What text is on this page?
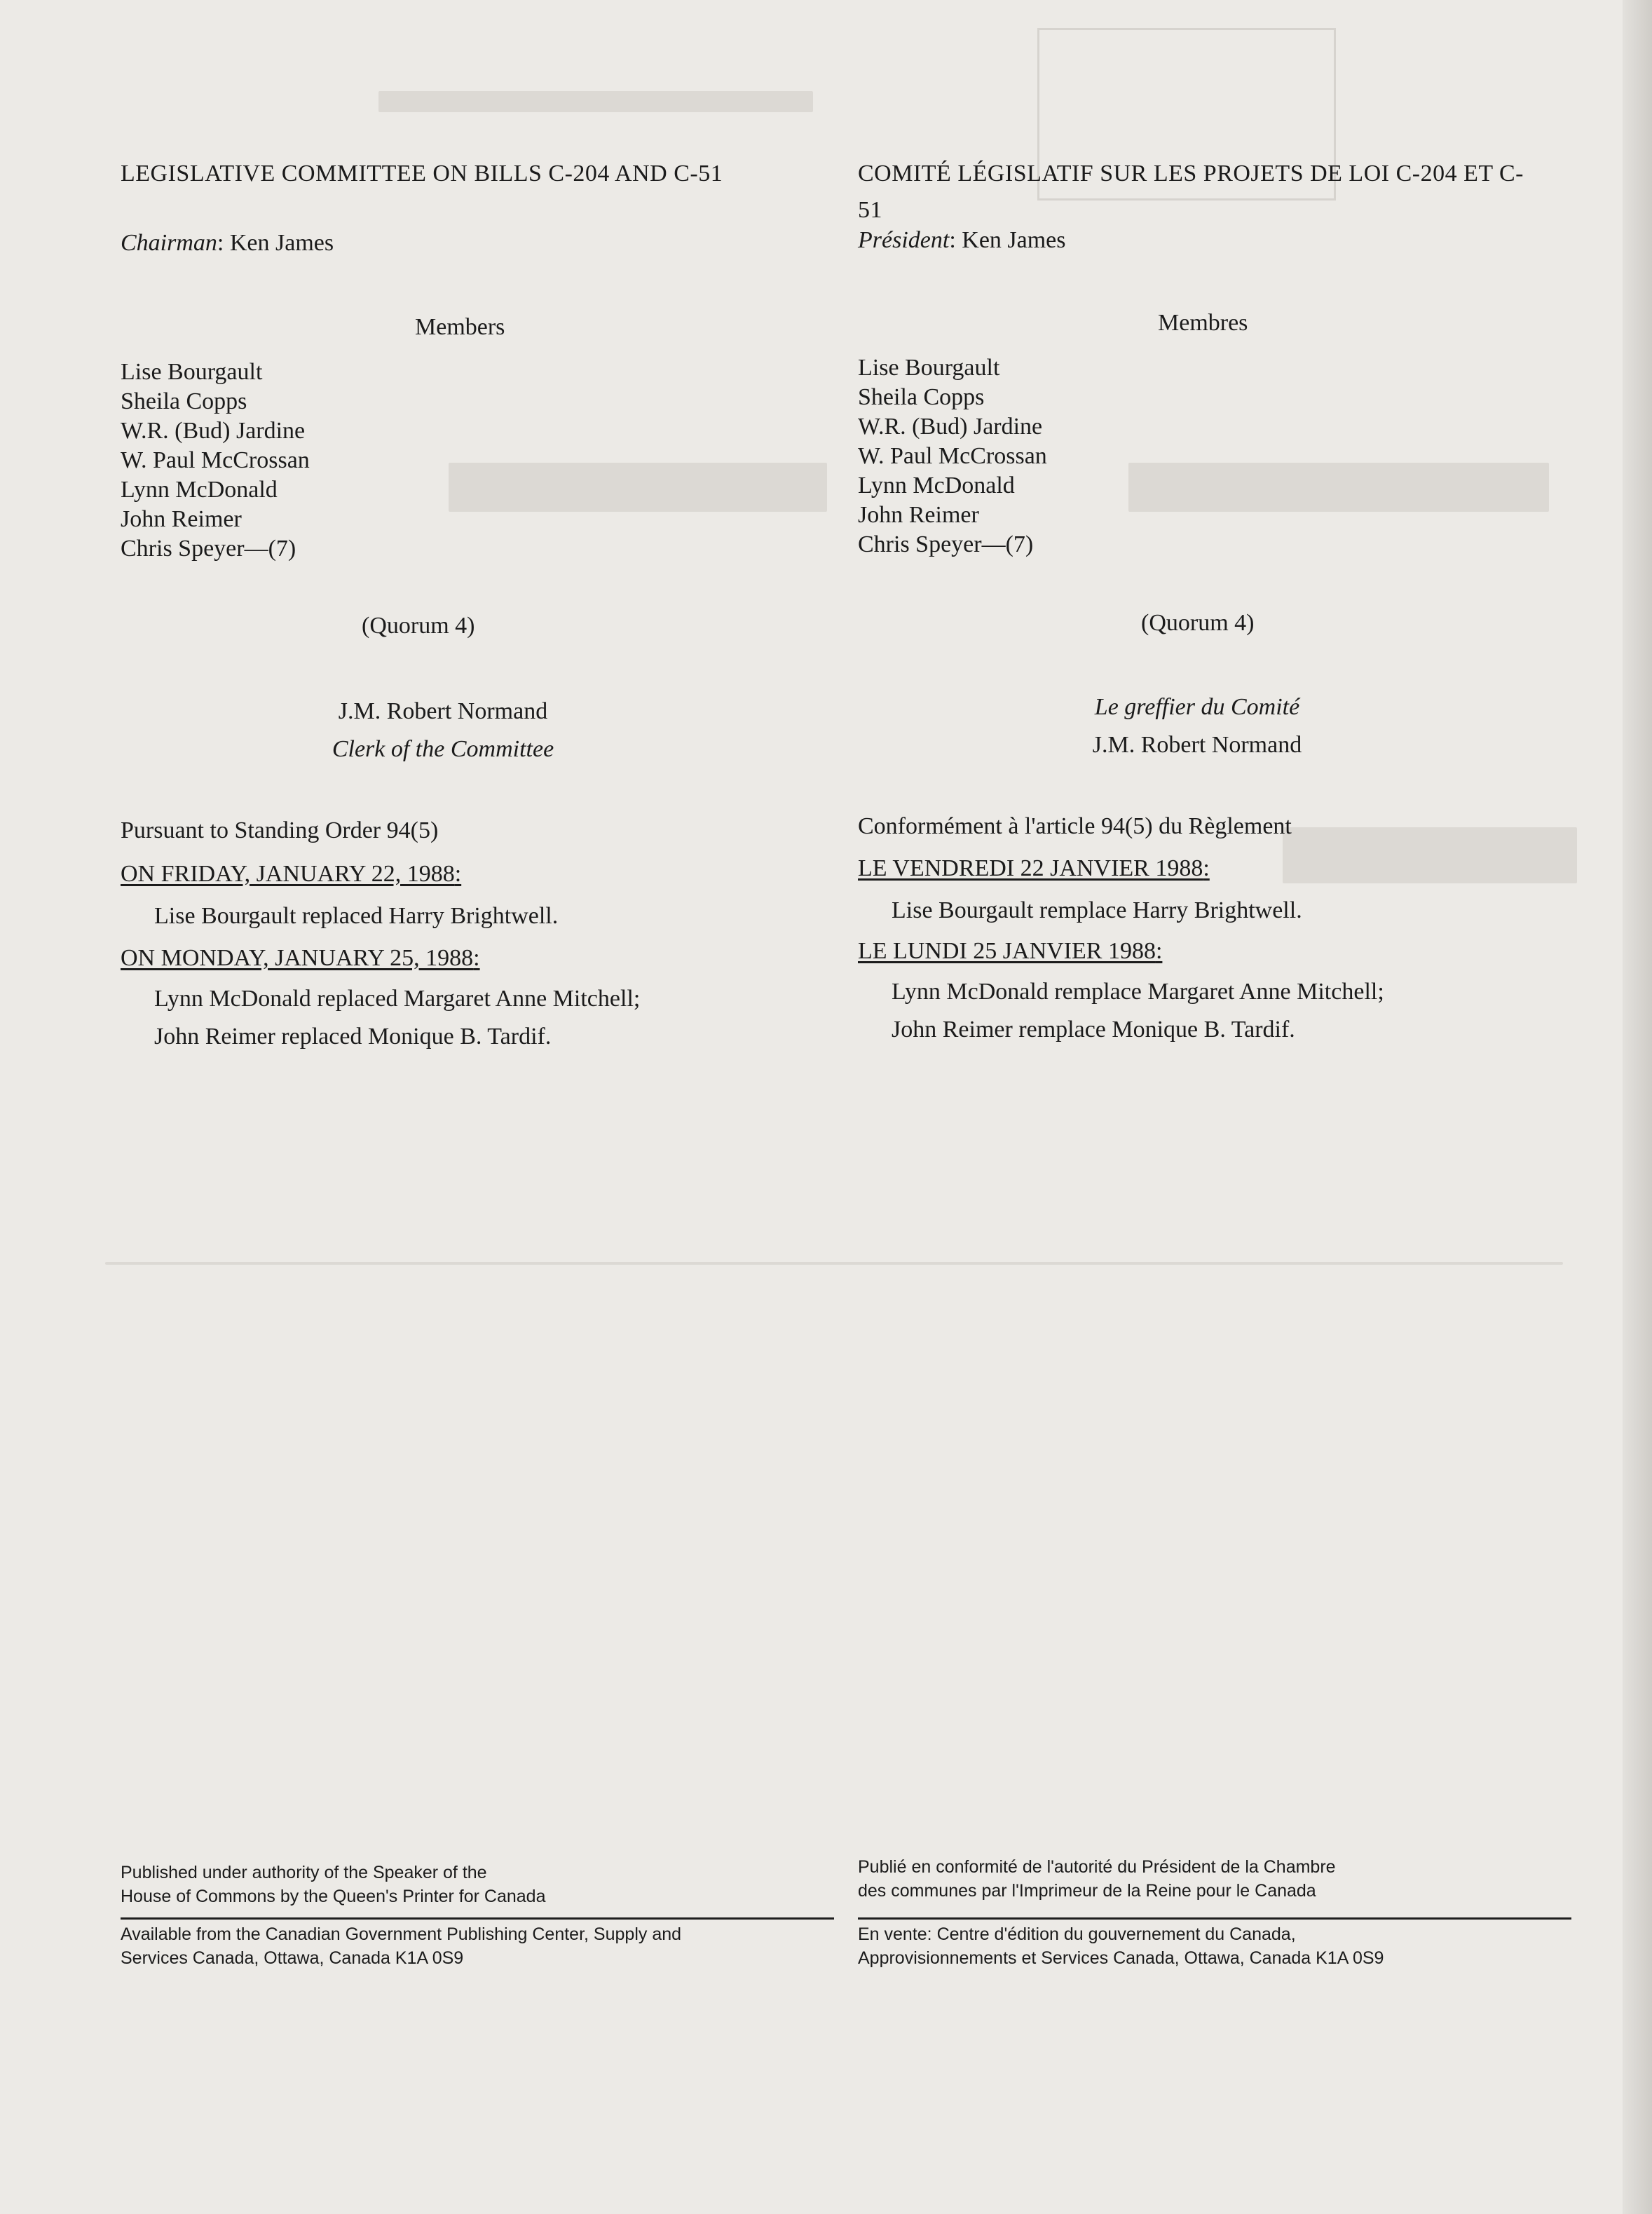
LEGISLATIVE COMMITTEE ON BILLS C-204 AND C-51
Chairman: Ken James
Members
Lise Bourgault
Sheila Copps
W.R. (Bud) Jardine
W. Paul McCrossan
Lynn McDonald
John Reimer
Chris Speyer—(7)
(Quorum 4)
J.M. Robert Normand
Clerk of the Committee
Pursuant to Standing Order 94(5)
ON FRIDAY, JANUARY 22, 1988:
Lise Bourgault replaced Harry Brightwell.
ON MONDAY, JANUARY 25, 1988:
Lynn McDonald replaced Margaret Anne Mitchell;
John Reimer replaced Monique B. Tardif.
Published under authority of the Speaker of the
House of Commons by the Queen's Printer for Canada
Available from the Canadian Government Publishing Center, Supply and
Services Canada, Ottawa, Canada K1A 0S9
COMITÉ LÉGISLATIF SUR LES PROJETS DE LOI C-204 ET C-51
Président: Ken James
Membres
Lise Bourgault
Sheila Copps
W.R. (Bud) Jardine
W. Paul McCrossan
Lynn McDonald
John Reimer
Chris Speyer—(7)
(Quorum 4)
Le greffier du Comité
J.M. Robert Normand
Conformément à l'article 94(5) du Règlement
LE VENDREDI 22 JANVIER 1988:
Lise Bourgault remplace Harry Brightwell.
LE LUNDI 25 JANVIER 1988:
Lynn McDonald remplace Margaret Anne Mitchell;
John Reimer remplace Monique B. Tardif.
Publié en conformité de l'autorité du Président de la Chambre
des communes par l'Imprimeur de la Reine pour le Canada
En vente: Centre d'édition du gouvernement du Canada,
Approvisionnements et Services Canada, Ottawa, Canada K1A 0S9
